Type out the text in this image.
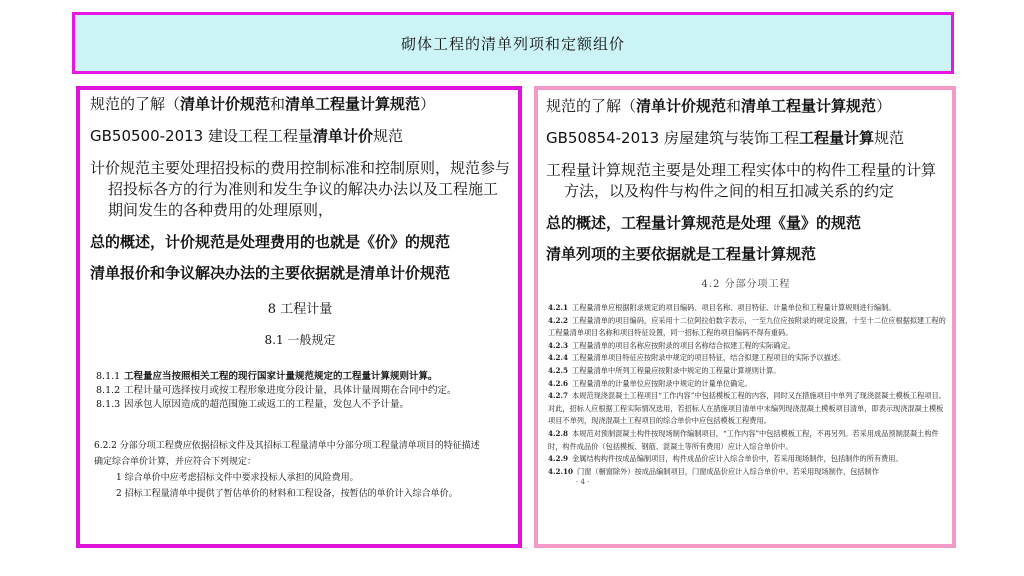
砌体工程的清单列项和定额组价
规范的了解（清单计价规范和清单工程量计算规范）
GB50500-2013 建设工程工程量清单计价规范
计价规范主要处理招投标的费用控制标准和控制原则，规范参与招投标各方的行为准则和发生争议的解决办法以及工程施工期间发生的各种费用的处理原则，
总的概述，计价规范是处理费用的也就是《价》的规范
清单报价和争议解决办法的主要依据就是清单计价规范
8 工程计量
8.1 一般规定
8.1.1 工程量应当按照相关工程的现行国家计量规范规定的工程量计算规则计算。
8.1.2 工程计量可选择按月或按工程形象进度分段计量，具体计量周期在合同中约定。
8.1.3 因承包人原因造成的超范围施工或返工的工程量，发包人不予计量。
6.2.2 分部分项工程费应依据招标文件及其招标工程量清单中分部分项工程量清单项目的特征描述
确定综合单价计算，并应符合下列规定：
1 综合单价中应考虑招标文件中要求投标人承担的风险费用。
2 招标工程量清单中提供了暂估单价的材料和工程设备，按暂估的单价计入综合单价。
规范的了解（清单计价规范和清单工程量计算规范）
GB50854-2013 房屋建筑与装饰工程工程量计算规范
工程量计算规范主要是处理工程实体中的构件工程量的计算方法，以及构件与构件之间的相互扣减关系的约定
总的概述，工程量计算规范是处理《量》的规范
清单列项的主要依据就是工程量计算规范
4.2 分部分项工程
4.2.1 工程量清单应根据附录规定的项目编码、项目名称、项目特征、计量单位和工程量计算规则进行编制。
4.2.2 工程量清单的项目编码，应采用十二位阿拉伯数字表示，一至九位应按附录的规定设置，十至十二位应根据拟建工程的工程量清单项目名称和项目特征设置，同一招标工程的项目编码不得有重码。
4.2.3 工程量清单的项目名称应按附录的项目名称结合拟建工程的实际确定。
4.2.4 工程量清单项目特征应按附录中规定的项目特征，结合拟建工程项目的实际予以描述。
4.2.5 工程量清单中所列工程量应按附录中规定的工程量计算规则计算。
4.2.6 工程量清单的计量单位应按附录中规定的计量单位确定。
4.2.7 本规范现浇混凝土工程项目“工作内容”中包括模板工程的内容，同时又在措施项目中单列了现浇混凝土模板工程项目。对此，招标人应根据工程实际情况选用，若招标人在措施项目清单中未编列现浇混凝土模板项目清单，即表示现浇混凝土模板项目不单列，现浇混凝土工程项目的综合单价中应包括模板工程费用。
4.2.8 本规范对预制混凝土构件按现场制作编制项目，“工作内容”中包括模板工程，不再另列。若采用成品预制混凝土构件时，构件成品价（包括模板、钢筋、混凝土等所有费用）应计入综合单价中。
4.2.9 金属结构构件按成品编制项目，构件成品价应计入综合单价中，若采用现场制作，包括制作的所有费用。
4.2.10 门窗（橱窗除外）按成品编制项目，门窗成品价应计入综合单价中。若采用现场制作，包括制作
· 4 ·
